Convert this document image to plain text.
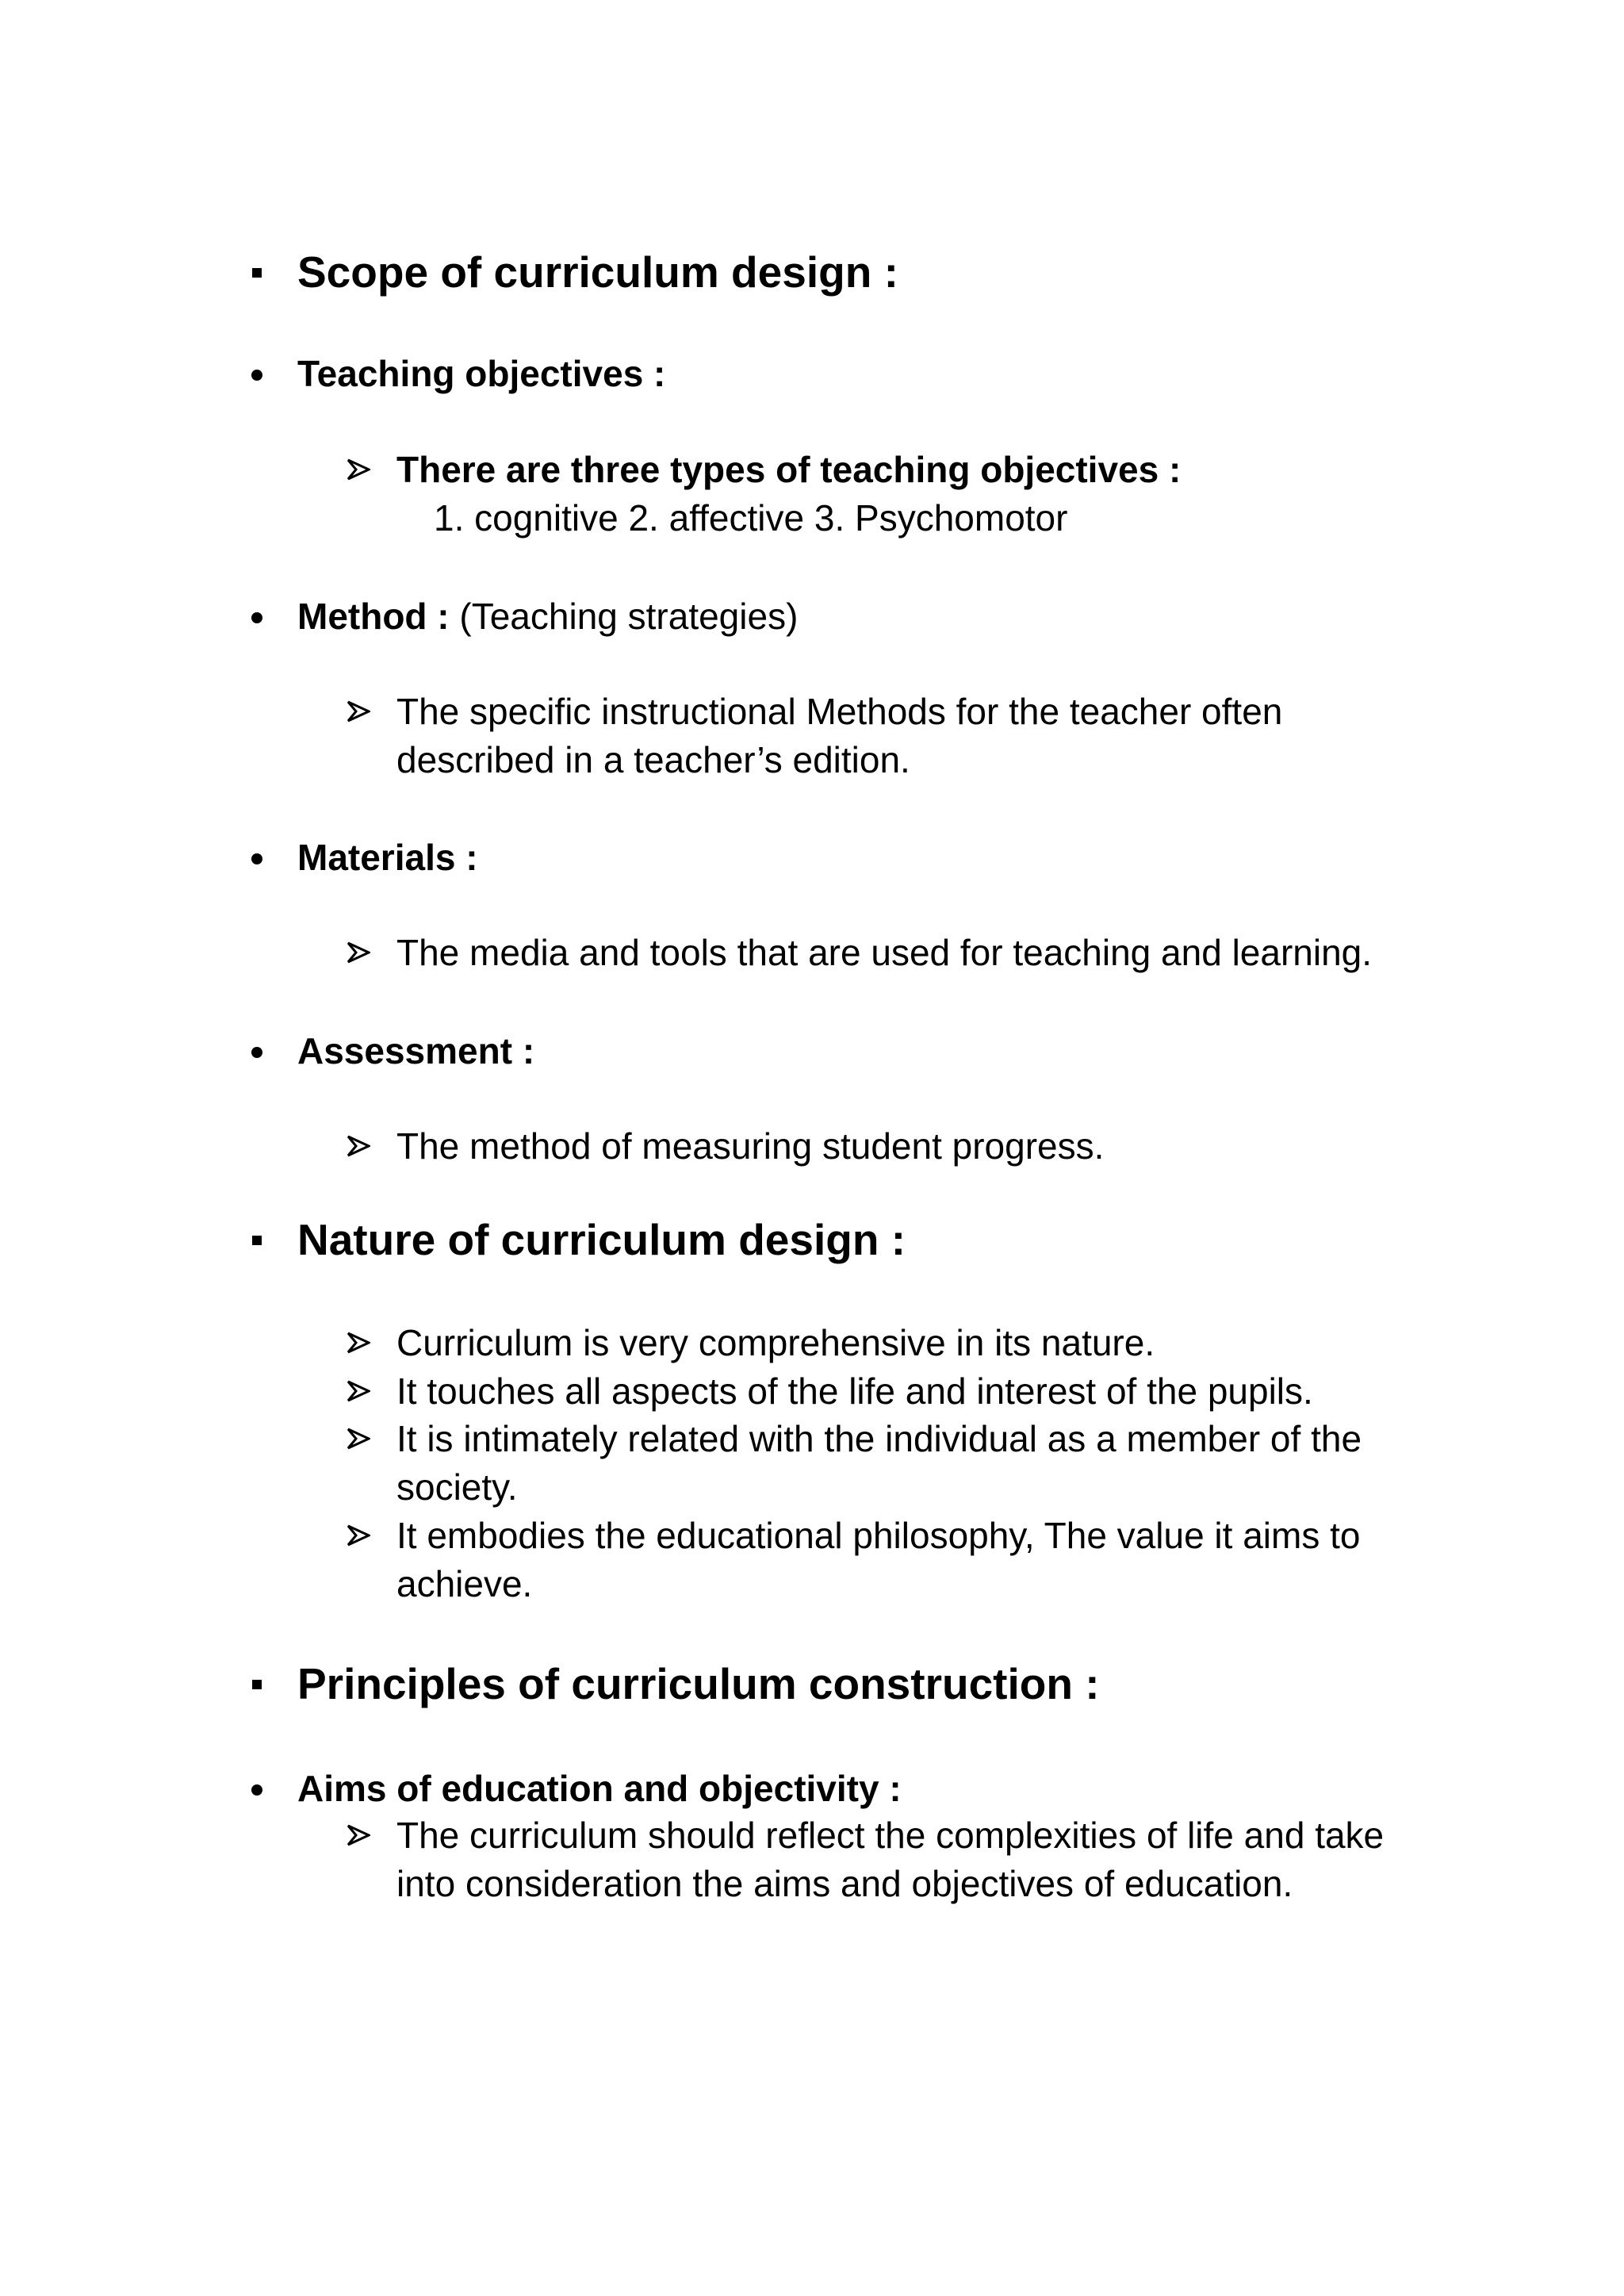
Scope of curriculum design :
Teaching objectives :
There are three types of teaching objectives :
1. cognitive 2. affective 3. Psychomotor
Method : (Teaching strategies)
The specific instructional Methods for the teacher often
described in a teacher’s edition.
Materials :
The media and tools that are used for teaching and learning.
Assessment :
The method of measuring student progress.
Nature of curriculum design :
Curriculum is very comprehensive in its nature.
It touches all aspects of the life and interest of the pupils.
It is intimately related with the individual as a member of the
society.
It embodies the educational philosophy, The value it aims to
achieve.
Principles of curriculum construction :
Aims of education and objectivity :
The curriculum should reflect the complexities of life and take
into consideration the aims and objectives of education.
